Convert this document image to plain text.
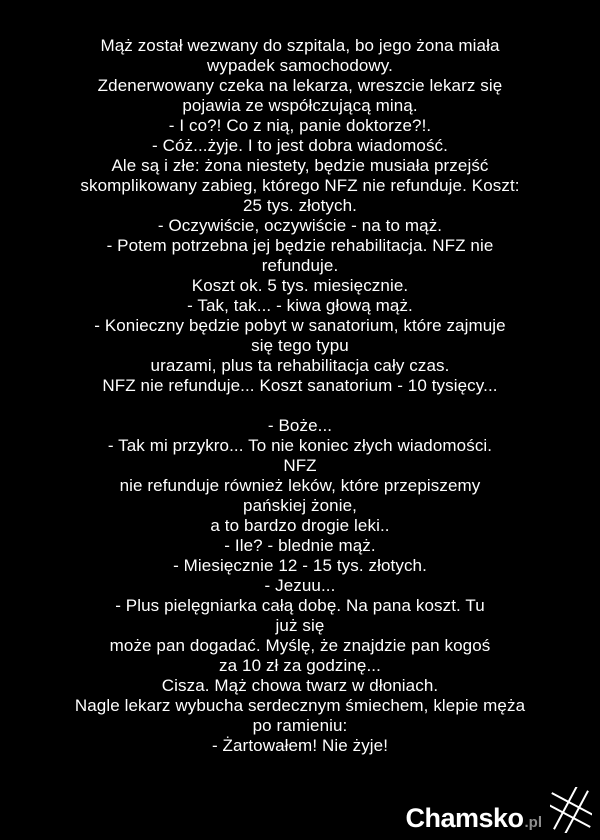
Mąż został wezwany do szpitala, bo jego żona miała
wypadek samochodowy.
Zdenerwowany czeka na lekarza, wreszcie lekarz się
pojawia ze współczującą miną.
- I co?! Co z nią, panie doktorze?!.
- Cóż...żyje. I to jest dobra wiadomość.
Ale są i złe: żona niestety, będzie musiała przejść
skomplikowany zabieg, którego NFZ nie refunduje. Koszt:
25 tys. złotych.
- Oczywiście, oczywiście - na to mąż.
- Potem potrzebna jej będzie rehabilitacja. NFZ nie
refunduje.
Koszt ok. 5 tys. miesięcznie.
- Tak, tak... - kiwa głową mąż.
- Konieczny będzie pobyt w sanatorium, które zajmuje
się tego typu
urazami, plus ta rehabilitacja cały czas.
NFZ nie refunduje... Koszt sanatorium - 10 tysięcy...

- Boże...
- Tak mi przykro... To nie koniec złych wiadomości.
NFZ
nie refunduje również leków, które przepiszemy
pańskiej żonie,
a to bardzo drogie leki..
- Ile? - blednie mąż.
- Miesięcznie 12 - 15 tys. złotych.
- Jezuu...
- Plus pielęgniarka całą dobę. Na pana koszt. Tu
już się
może pan dogadać. Myślę, że znajdzie pan kogoś
za 10 zł za godzinę...
Cisza. Mąż chowa twarz w dłoniach.
Nagle lekarz wybucha serdecznym śmiechem, klepie męża
po ramieniu:
- Żartowałem! Nie żyje!
Chamsko .pl
